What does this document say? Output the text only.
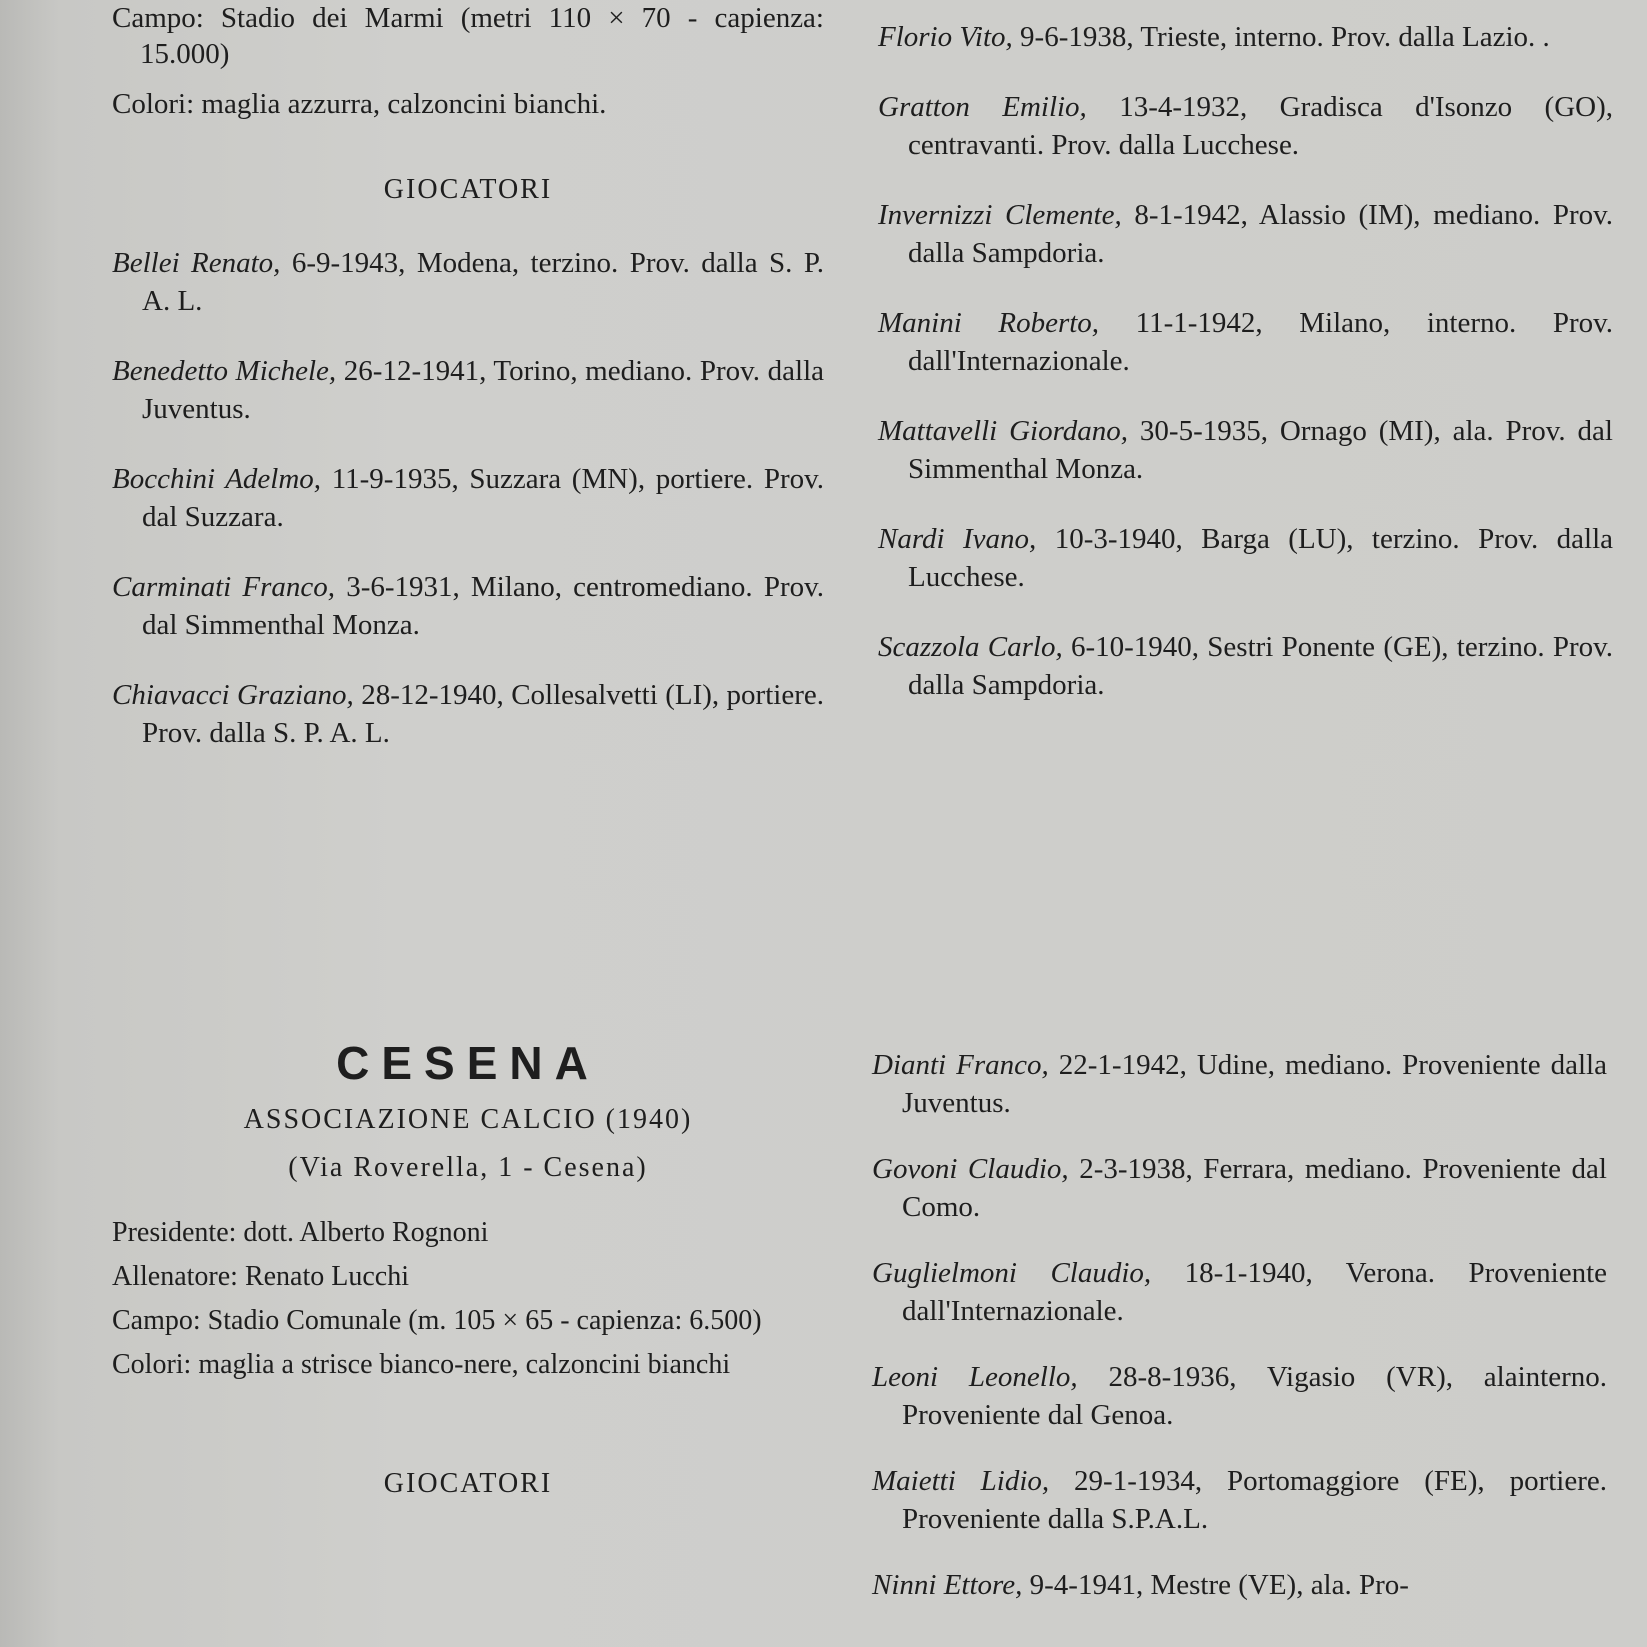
Campo: Stadio dei Marmi (metri 110 × 70 - capienza: 15.000)
Colori: maglia azzurra, calzoncini bianchi.
GIOCATORI
Bellei Renato, 6-9-1943, Modena, terzino. Prov. dalla S. P. A. L.
Benedetto Michele, 26-12-1941, Torino, mediano. Prov. dalla Juventus.
Bocchini Adelmo, 11-9-1935, Suzzara (MN), portiere. Prov. dal Suzzara.
Carminati Franco, 3-6-1931, Milano, centromediano. Prov. dal Simmenthal Monza.
Chiavacci Graziano, 28-12-1940, Collesalvetti (LI), portiere. Prov. dalla S. P. A. L.
Florio Vito, 9-6-1938, Trieste, interno. Prov. dalla Lazio. .
Gratton Emilio, 13-4-1932, Gradisca d'Isonzo (GO), centravanti. Prov. dalla Lucchese.
Invernizzi Clemente, 8-1-1942, Alassio (IM), mediano. Prov. dalla Sampdoria.
Manini Roberto, 11-1-1942, Milano, interno. Prov. dall'Internazionale.
Mattavelli Giordano, 30-5-1935, Ornago (MI), ala. Prov. dal Simmenthal Monza.
Nardi Ivano, 10-3-1940, Barga (LU), terzino. Prov. dalla Lucchese.
Scazzola Carlo, 6-10-1940, Sestri Ponente (GE), terzino. Prov. dalla Sampdoria.
CESENA
ASSOCIAZIONE CALCIO (1940)
(Via Roverella, 1 - Cesena)
Presidente: dott. Alberto Rognoni
Allenatore: Renato Lucchi
Campo: Stadio Comunale (m. 105 × 65 - capienza: 6.500)
Colori: maglia a strisce bianco-nere, calzoncini bianchi
GIOCATORI
Dianti Franco, 22-1-1942, Udine, mediano. Proveniente dalla Juventus.
Govoni Claudio, 2-3-1938, Ferrara, mediano. Proveniente dal Como.
Guglielmoni Claudio, 18-1-1940, Verona. Proveniente dall'Internazionale.
Leoni Leonello, 28-8-1936, Vigasio (VR), alainterno. Proveniente dal Genoa.
Maietti Lidio, 29-1-1934, Portomaggiore (FE), portiere. Proveniente dalla S.P.A.L.
Ninni Ettore, 9-4-1941, Mestre (VE), ala. Pro-
